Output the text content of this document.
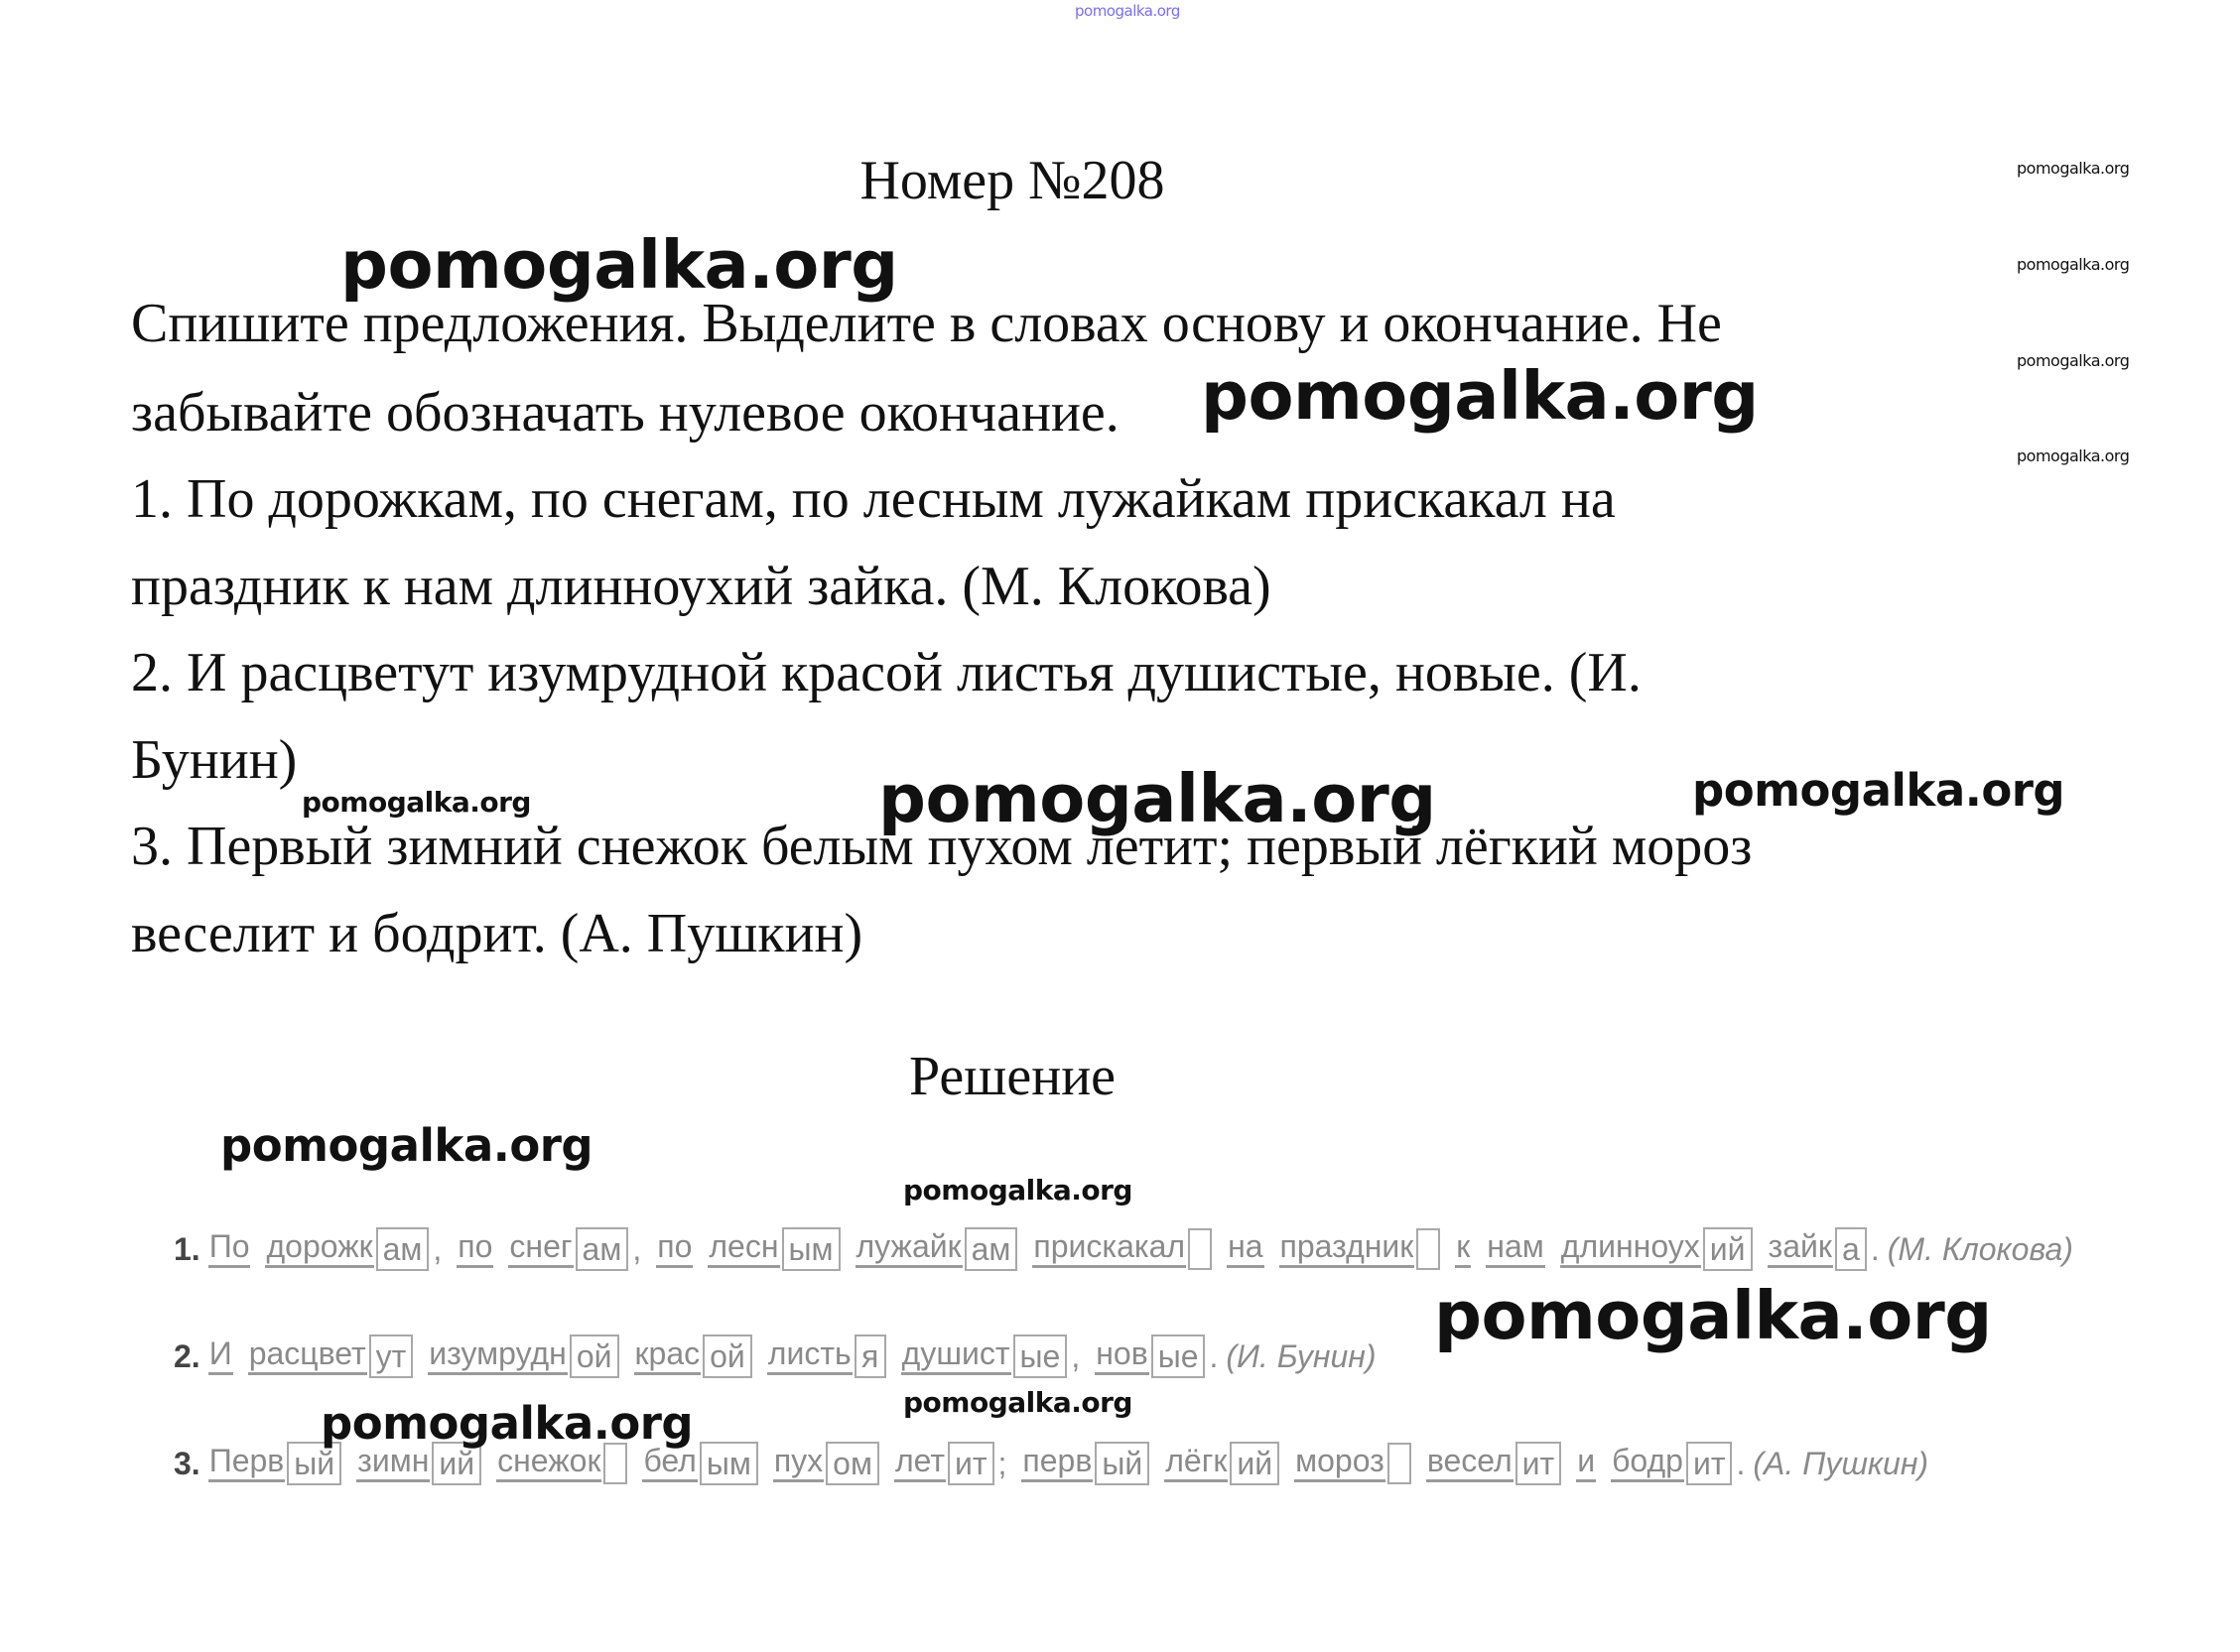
pomogalka.org
pomogalka.org
pomogalka.org
pomogalka.org
pomogalka.org
Номер №208
pomogalka.org
Спишите предложения. Выделите в словах основу и окончание. Не
забывайте обозначать нулевое окончание. pomogalka.org
1. По дорожкам, по снегам, по лесным лужайкам прискакал на
праздник к нам длинноухий зайка. (М. Клокова)
2. И расцветут изумрудной красой листья душистые, новые. (И.
Бунин)
3. Первый зимний снежок белым пухом летит; первый лёгкий мороз
веселит и бодрит. (А. Пушкин)
pomogalka.org	pomogalka.org	pomogalka.org
Решение
pomogalka.org
pomogalka.org
1. По дорожк ам , по снег ам , по лесн ым лужайк ам прискакал на праздник к нам длинноух ий зайк а . (М. Клокова)
2. И расцвет ут изумрудн ой крас ой листь я душист ые , нов ые . (И. Бунин)
3. Перв ый зимн ий снежок бел ым пух ом лет ит ; перв ый лёгк ий мороз весел ит и бодр ит . (А. Пушкин)
pomogalka.org
pomogalka.org
pomogalka.org
